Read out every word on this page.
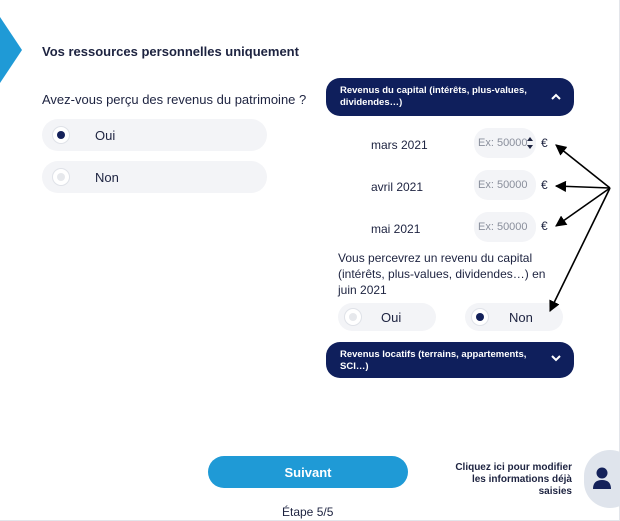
Vos ressources personnelles uniquement
Avez-vous perçu des revenus du patrimoine ?
Oui
Non
Revenus du capital (intérêts, plus-values, dividendes…)
mars 2021
Ex: 50000	€
avril 2021
Ex: 50000	€
mai 2021
Ex: 50000	€
Vous percevrez un revenu du capital (intérêts, plus-values, dividendes…) en juin 2021
Oui	Non
Revenus locatifs (terrains, appartements, SCI…)
Suivant
Étape 5/5
Cliquez ici pour modifier les informations déjà saisies
